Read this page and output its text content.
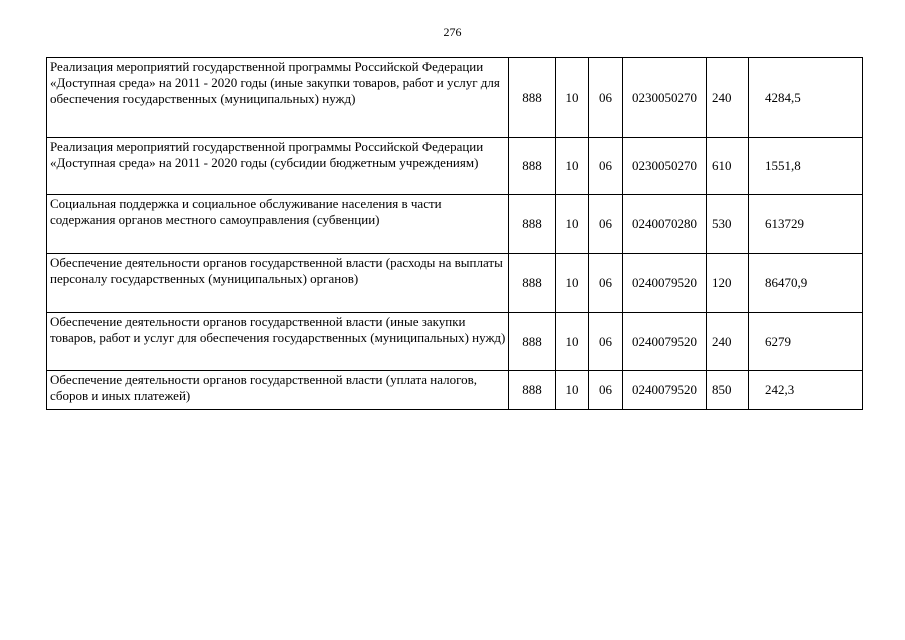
276
Реализация мероприятий государственной программы Российской Федерации «Доступная среда» на 2011 - 2020 годы (иные закупки товаров, работ и услуг для обеспечения государственных (муниципальных) нужд)	888	10	06	0230050270	240	4284,5
Реализация мероприятий государственной программы Российской Федерации «Доступная среда» на 2011 - 2020 годы (субсидии бюджетным учреждениям)	888	10	06	0230050270	610	1551,8
Социальная поддержка и социальное обслуживание населения в части содержания органов местного самоуправления (субвенции)	888	10	06	0240070280	530	613729
Обеспечение деятельности органов государственной власти (расходы на выплаты персоналу государственных (муниципальных) органов)	888	10	06	0240079520	120	86470,9
Обеспечение деятельности органов государственной власти (иные закупки товаров, работ и услуг для обеспечения государственных (муниципальных) нужд)	888	10	06	0240079520	240	6279
Обеспечение деятельности органов государственной власти (уплата налогов, сборов и иных платежей)	888	10	06	0240079520	850	242,3
